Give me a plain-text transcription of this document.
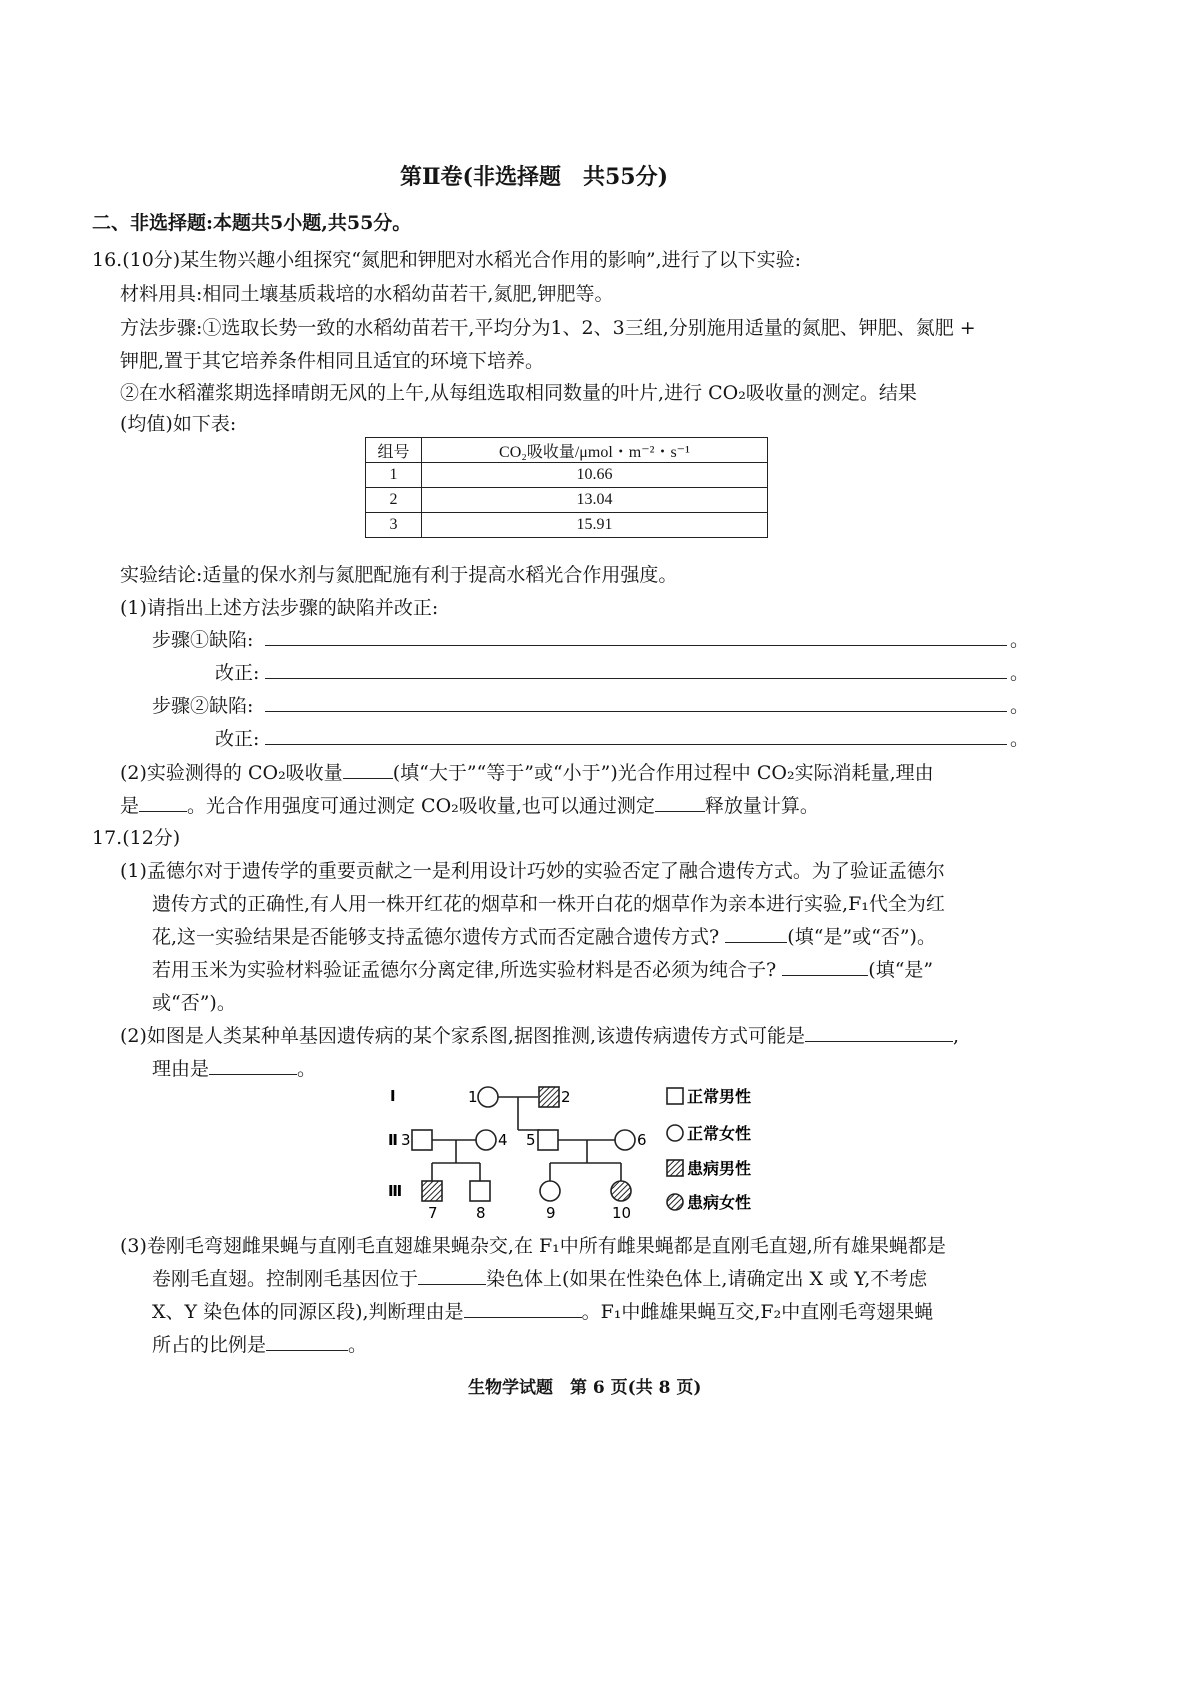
第Ⅱ卷(非选择题　共55分)
二、非选择题:本题共5小题,共55分。
16.(10分)某生物兴趣小组探究“氮肥和钾肥对水稻光合作用的影响”,进行了以下实验:
材料用具:相同土壤基质栽培的水稻幼苗若干,氮肥,钾肥等。
方法步骤:①选取长势一致的水稻幼苗若干,平均分为1、2、3三组,分别施用适量的氮肥、钾肥、氮肥 +
钾肥,置于其它培养条件相同且适宜的环境下培养。
②在水稻灌浆期选择晴朗无风的上午,从每组选取相同数量的叶片,进行 CO₂吸收量的测定。结果
(均值)如下表:
组号	CO₂吸收量/μmol・m⁻²・s⁻¹
1	10.66
2	13.04
3	15.91
实验结论:适量的保水剂与氮肥配施有利于提高水稻光合作用强度。
(1)请指出上述方法步骤的缺陷并改正:
步骤①缺陷:	。
改正:	。
步骤②缺陷:	。
改正:	。
(2)实验测得的 CO₂吸收量	(填“大于”“等于”或“小于”)光合作用过程中 CO₂实际消耗量,理由
是	。光合作用强度可通过测定 CO₂吸收量,也可以通过测定	释放量计算。
17.(12分)
(1)孟德尔对于遗传学的重要贡献之一是利用设计巧妙的实验否定了融合遗传方式。为了验证孟德尔
遗传方式的正确性,有人用一株开红花的烟草和一株开白花的烟草作为亲本进行实验,F₁代全为红
花,这一实验结果是否能够支持孟德尔遗传方式而否定融合遗传方式?	(填“是”或“否”)。
若用玉米为实验材料验证孟德尔分离定律,所选实验材料是否必须为纯合子?	(填“是”
或“否”)。
(2)如图是人类某种单基因遗传病的某个家系图,据图推测,该遗传病遗传方式可能是	,
理由是	。
Ⅰ
Ⅱ
Ⅲ
1	2
3	4 5	6
7	8	9	10
正常男性
正常女性
患病男性
患病女性
(3)卷刚毛弯翅雌果蝇与直刚毛直翅雄果蝇杂交,在 F₁中所有雌果蝇都是直刚毛直翅,所有雄果蝇都是
卷刚毛直翅。控制刚毛基因位于	染色体上(如果在性染色体上,请确定出 X 或 Y,不考虑
X、Y 染色体的同源区段),判断理由是	。F₁中雌雄果蝇互交,F₂中直刚毛弯翅果蝇
所占的比例是	。
生物学试题　第 6 页(共 8 页)
